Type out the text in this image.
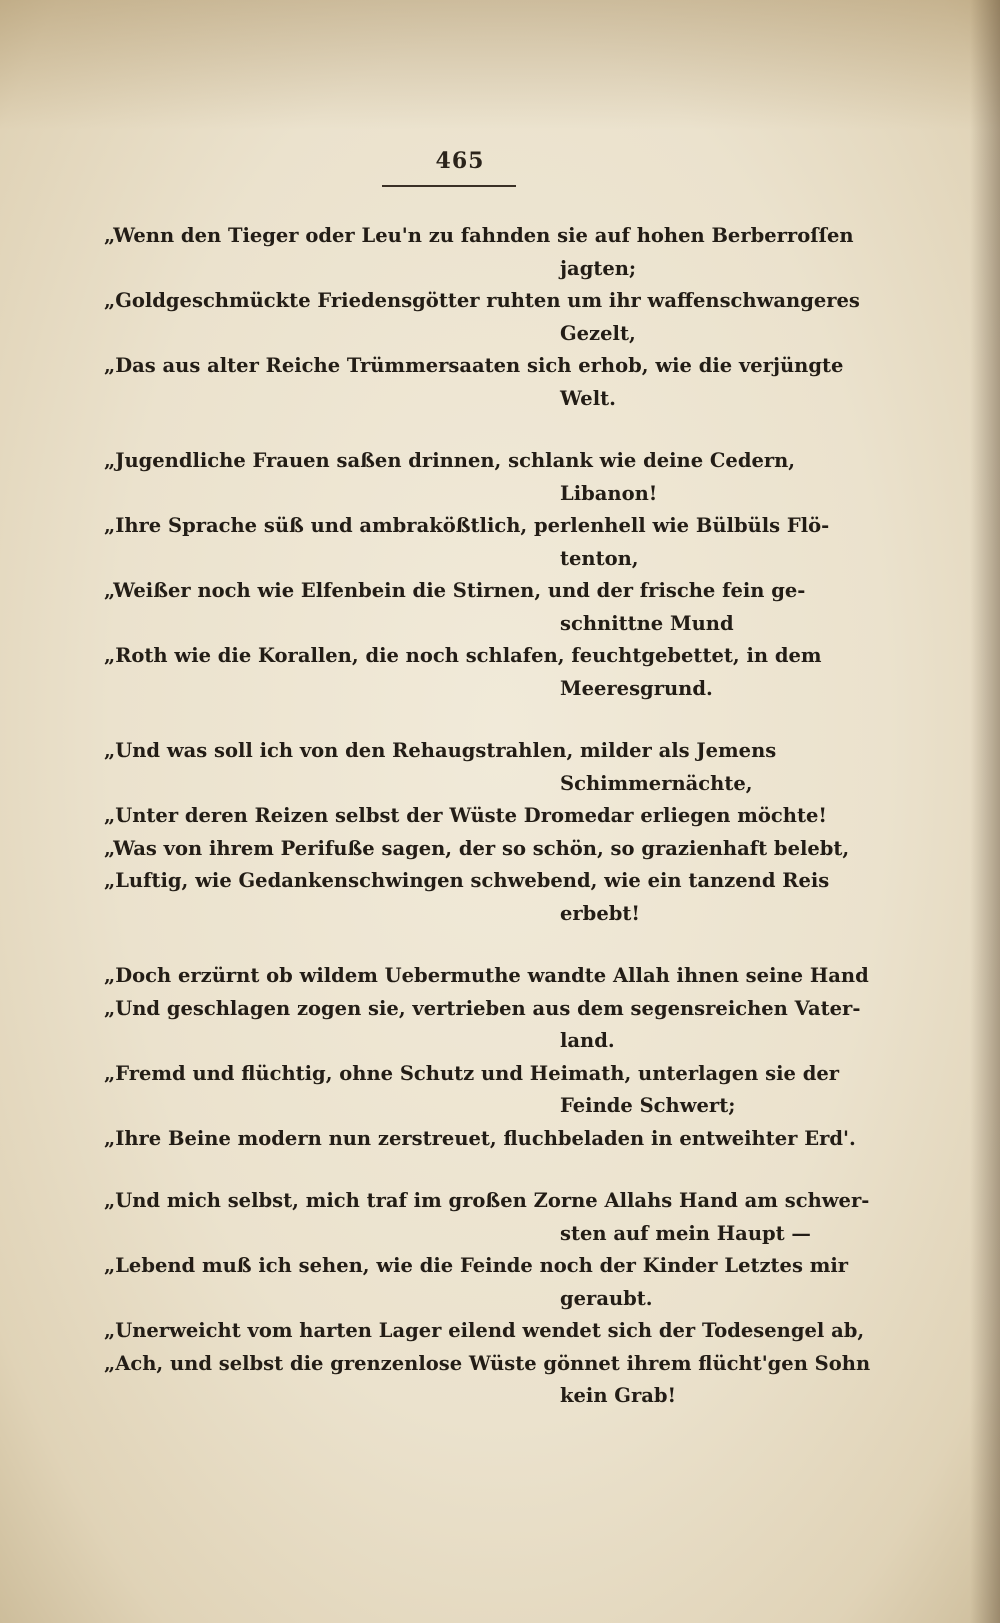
465
„Wenn den Tieger oder Leu'n zu fahnden sie auf hohen Berberroſſen
jagten;
„Goldgeschmückte Friedensgötter ruhten um ihr waffenschwangeres
Gezelt,
„Das aus alter Reiche Trümmersaaten sich erhob, wie die verjüngte
Welt.
„Jugendliche Frauen saßen drinnen, schlank wie deine Cedern,
Libanon!
„Ihre Sprache süß und ambrakößtlich, perlenhell wie Bülbüls Flö-
tenton,
„Weißer noch wie Elfenbein die Stirnen, und der frische fein ge-
schnittne Mund
„Roth wie die Korallen, die noch schlafen, feuchtgebettet, in dem
Meeresgrund.
„Und was soll ich von den Rehaugstrahlen, milder als Jemens
Schimmernächte,
„Unter deren Reizen selbst der Wüste Dromedar erliegen möchte!
„Was von ihrem Perifuße sagen, der so schön, so grazienhaft belebt,
„Luftig, wie Gedankenschwingen schwebend, wie ein tanzend Reis
erbebt!
„Doch erzürnt ob wildem Uebermuthe wandte Allah ihnen seine Hand
„Und geschlagen zogen sie, vertrieben aus dem segensreichen Vater-
land.
„Fremd und flüchtig, ohne Schutz und Heimath, unterlagen sie der
Feinde Schwert;
„Ihre Beine modern nun zerstreuet, fluchbeladen in entweihter Erd'.
„Und mich selbst, mich traf im großen Zorne Allahs Hand am schwer-
sten auf mein Haupt —
„Lebend muß ich sehen, wie die Feinde noch der Kinder Letztes mir
geraubt.
„Unerweicht vom harten Lager eilend wendet sich der Todesengel ab,
„Ach, und selbst die grenzenlose Wüste gönnet ihrem flücht'gen Sohn
kein Grab!
